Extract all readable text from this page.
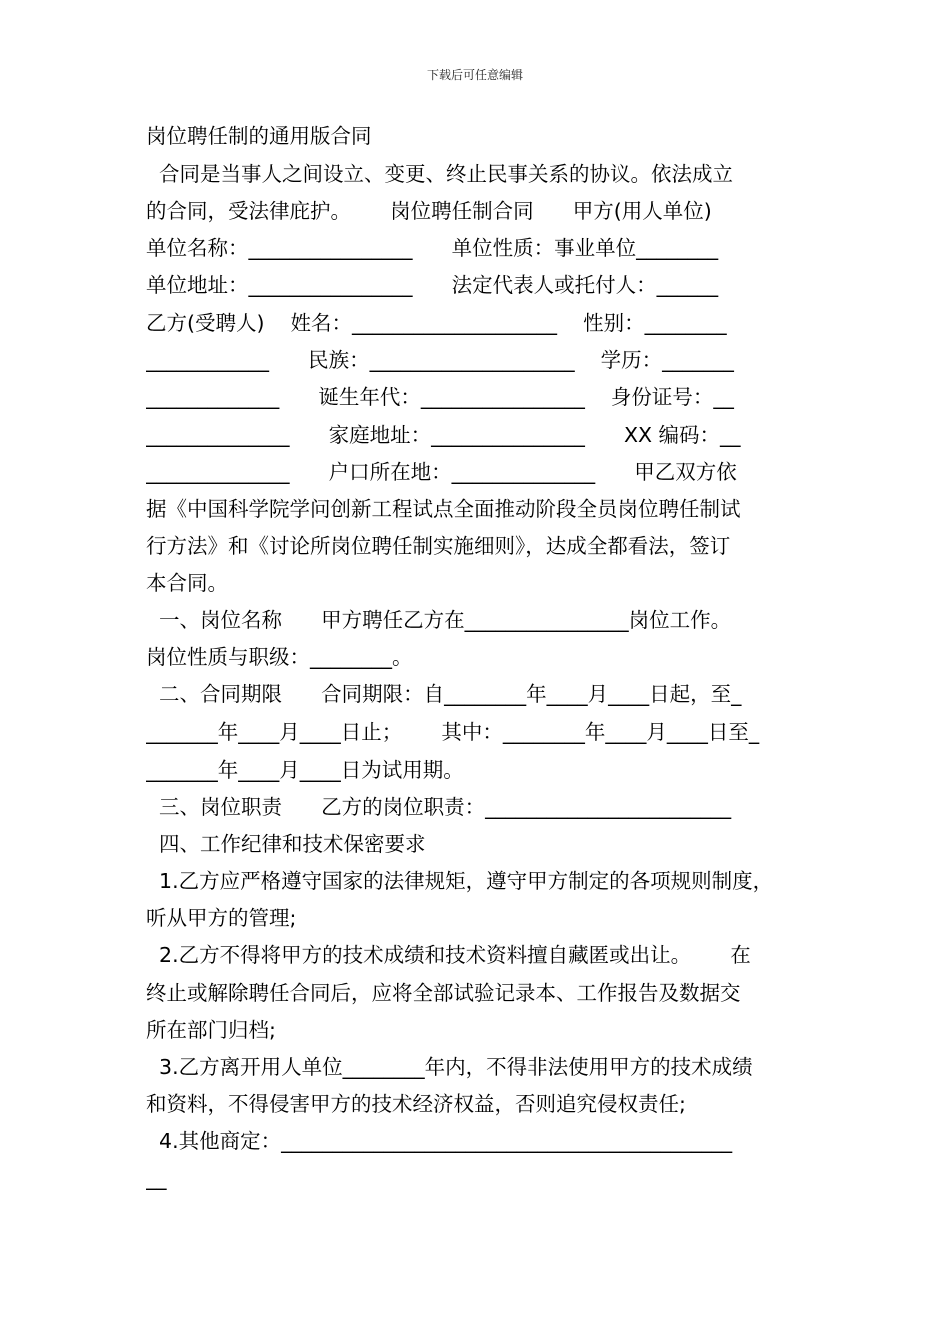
下载后可任意编辑
岗位聘任制的通用版合同
合同是当事人之间设立、变更、终止民事关系的协议。依法成立
的合同，受法律庇护。      岗位聘任制合同      甲方(用人单位)
单位名称：________________      单位性质：事业单位________
单位地址：________________      法定代表人或托付人：______
乙方(受聘人)    姓名：____________________    性别：________
____________      民族：____________________    学历：_______
_____________      诞生年代：________________    身份证号：__
______________      家庭地址：_______________      XX 编码：__
______________      户口所在地：______________      甲乙双方依
据《中国科学院学问创新工程试点全面推动阶段全员岗位聘任制试
行方法》和《讨论所岗位聘任制实施细则》，达成全都看法，签订
本合同。
一、岗位名称      甲方聘任乙方在________________岗位工作。
岗位性质与职级：________。
二、合同期限      合同期限：自________年____月____日起，至_
_______年____月____日止；      其中：________年____月____日至_
_______年____月____日为试用期。
三、岗位职责      乙方的岗位职责：________________________
四、工作纪律和技术保密要求
1.乙方应严格遵守国家的法律规矩，遵守甲方制定的各项规则制度，
听从甲方的管理;
2.乙方不得将甲方的技术成绩和技术资料擅自藏匿或出让。      在
终止或解除聘任合同后，应将全部试验记录本、工作报告及数据交
所在部门归档;
3.乙方离开用人单位________年内，不得非法使用甲方的技术成绩
和资料，不得侵害甲方的技术经济权益，否则追究侵权责任;
4.其他商定：____________________________________________
__
